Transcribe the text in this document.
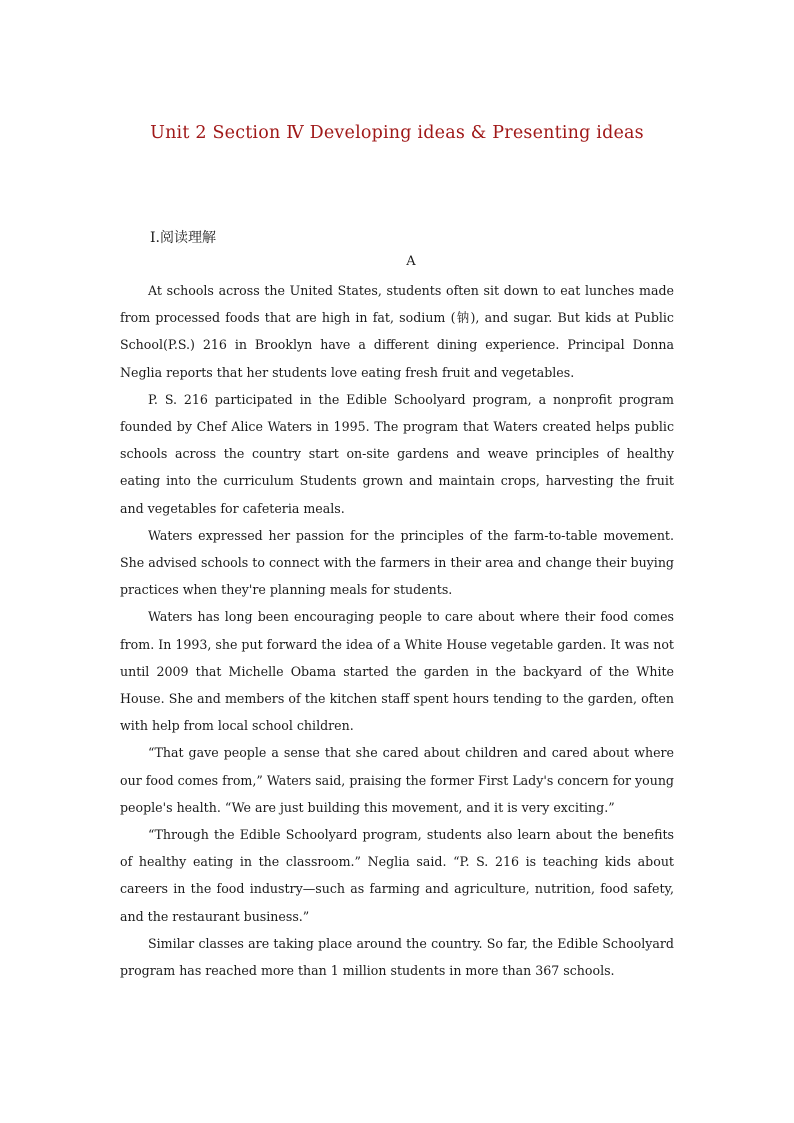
Unit 2 Section Ⅳ Developing ideas & Presenting ideas
Ⅰ.阅读理解
A

At schools across the United States, students often sit down to eat lunches made from processed foods that are high in fat, sodium (钠), and sugar. But kids at Public School(P.S.) 216 in Brooklyn have a different dining experience. Principal Donna Neglia reports that her students love eating fresh fruit and vegetables.

P. S. 216 participated in the Edible Schoolyard program, a nonprofit program founded by Chef Alice Waters in 1995. The program that Waters created helps public schools across the country start on-site gardens and weave principles of healthy eating into the curriculum Students grown and maintain crops, harvesting the fruit and vegetables for cafeteria meals.

Waters expressed her passion for the principles of the farm-to-table movement. She advised schools to connect with the farmers in their area and change their buying practices when they're planning meals for students.

Waters has long been encouraging people to care about where their food comes from. In 1993, she put forward the idea of a White House vegetable garden. It was not until 2009 that Michelle Obama started the garden in the backyard of the White House. She and members of the kitchen staff spent hours tending to the garden, often with help from local school children.

“That gave people a sense that she cared about children and cared about where our food comes from,” Waters said, praising the former First Lady's concern for young people's health. “We are just building this movement, and it is very exciting.”

“Through the Edible Schoolyard program, students also learn about the benefits of healthy eating in the classroom.” Neglia said. “P. S. 216 is teaching kids about careers in the food industry—such as farming and agriculture, nutrition, food safety, and the restaurant business.”

Similar classes are taking place around the country. So far, the Edible Schoolyard program has reached more than 1 million students in more than 367 schools.
